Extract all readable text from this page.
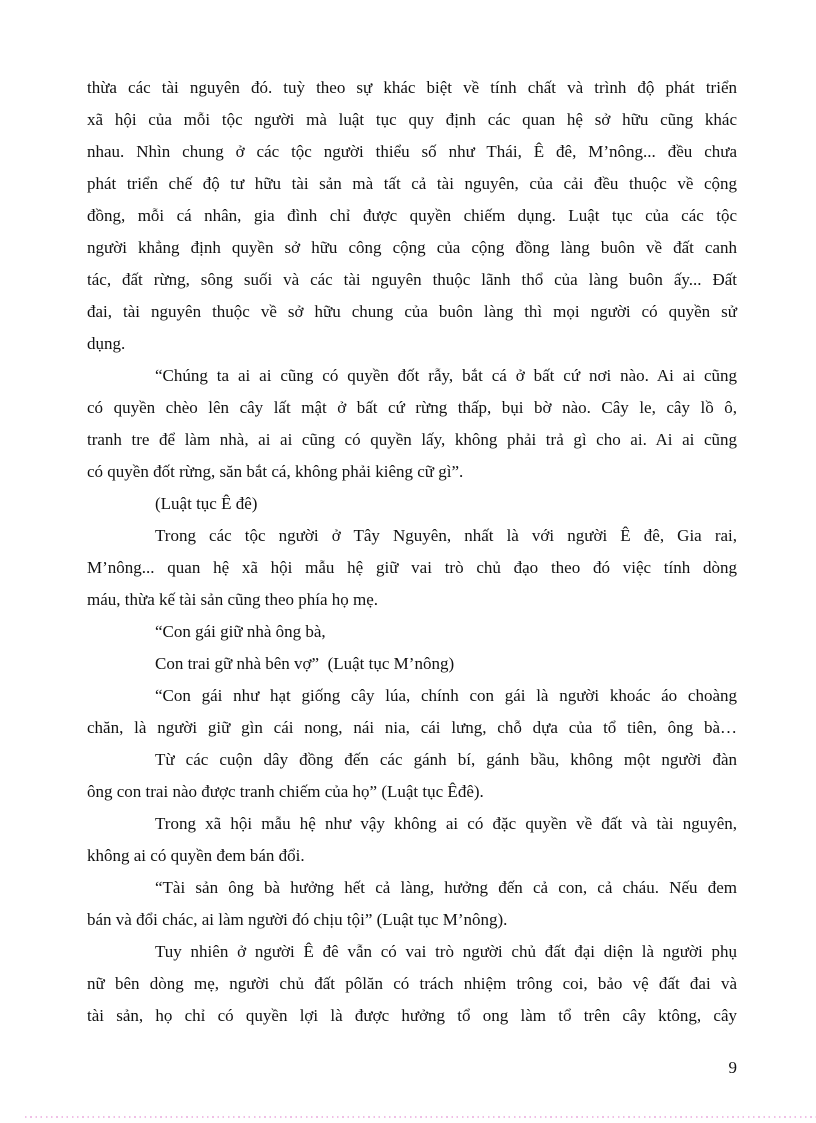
thừa các tài nguyên đó. tuỳ theo sự khác biệt về tính chất và trình độ phát triển
xã hội của mỗi tộc người mà luật tục quy định các quan hệ sở hữu cũng khác
nhau. Nhìn chung ở các tộc người thiểu số như Thái, Ê đê, M’nông... đều chưa
phát triển chế độ tư hữu tài sản mà tất cả tài nguyên, của cải đều thuộc về cộng
đồng, mỗi cá nhân, gia đình chỉ được quyền chiếm dụng. Luật tục của các tộc
người khẳng định quyền sở hữu công cộng của cộng đồng làng buôn về đất canh
tác, đất rừng, sông suối và các tài nguyên thuộc lãnh thổ của làng buôn ấy... Đất
đai, tài nguyên thuộc về sở hữu chung của buôn làng thì mọi người có quyền sử
dụng.
“Chúng ta ai ai cũng có quyền đốt rẫy, bắt cá ở bất cứ nơi nào. Ai ai cũng
có quyền chèo lên cây lất mật ở bất cứ rừng thấp, bụi bờ nào. Cây le, cây lồ ô,
tranh tre để làm nhà, ai ai cũng có quyền lấy, không phải trả gì cho ai. Ai ai cũng
có quyền đốt rừng, săn bắt cá, không phải kiêng cữ gì”.
(Luật tục Ê đê)
Trong các tộc người ở Tây Nguyên, nhất là với người Ê đê, Gia rai,
M’nông... quan hệ xã hội mẫu hệ giữ vai trò chủ đạo theo đó việc tính dòng
máu, thừa kế tài sản cũng theo phía họ mẹ.
“Con gái giữ nhà ông bà,
Con trai gữ nhà bên vợ”  (Luật tục M’nông)
“Con gái như hạt giống cây lúa, chính con gái là người khoác áo choàng
chăn, là người giữ gìn cái nong, nái nia, cái lưng, chỗ dựa của tổ tiên, ông bà…
Từ các cuộn dây đồng đến các gánh bí, gánh bầu, không một người đàn
ông con trai nào được tranh chiếm của họ” (Luật tục Êđê).
Trong xã hội mẫu hệ như vậy không ai có đặc quyền về đất và tài nguyên,
không ai có quyền đem bán đổi.
“Tài sản ông bà hưởng hết cả làng, hưởng đến cả con, cả cháu. Nếu đem
bán và đổi chác, ai làm người đó chịu tội” (Luật tục M’nông).
Tuy nhiên ở người Ê đê vẫn có vai trò người chủ đất đại diện là người phụ
nữ bên dòng mẹ, người chủ đất pôlăn có trách nhiệm trông coi, bảo vệ đất đai và
tài sản, họ chỉ có quyền lợi là được hưởng tổ ong làm tổ trên cây ktông, cây
9
